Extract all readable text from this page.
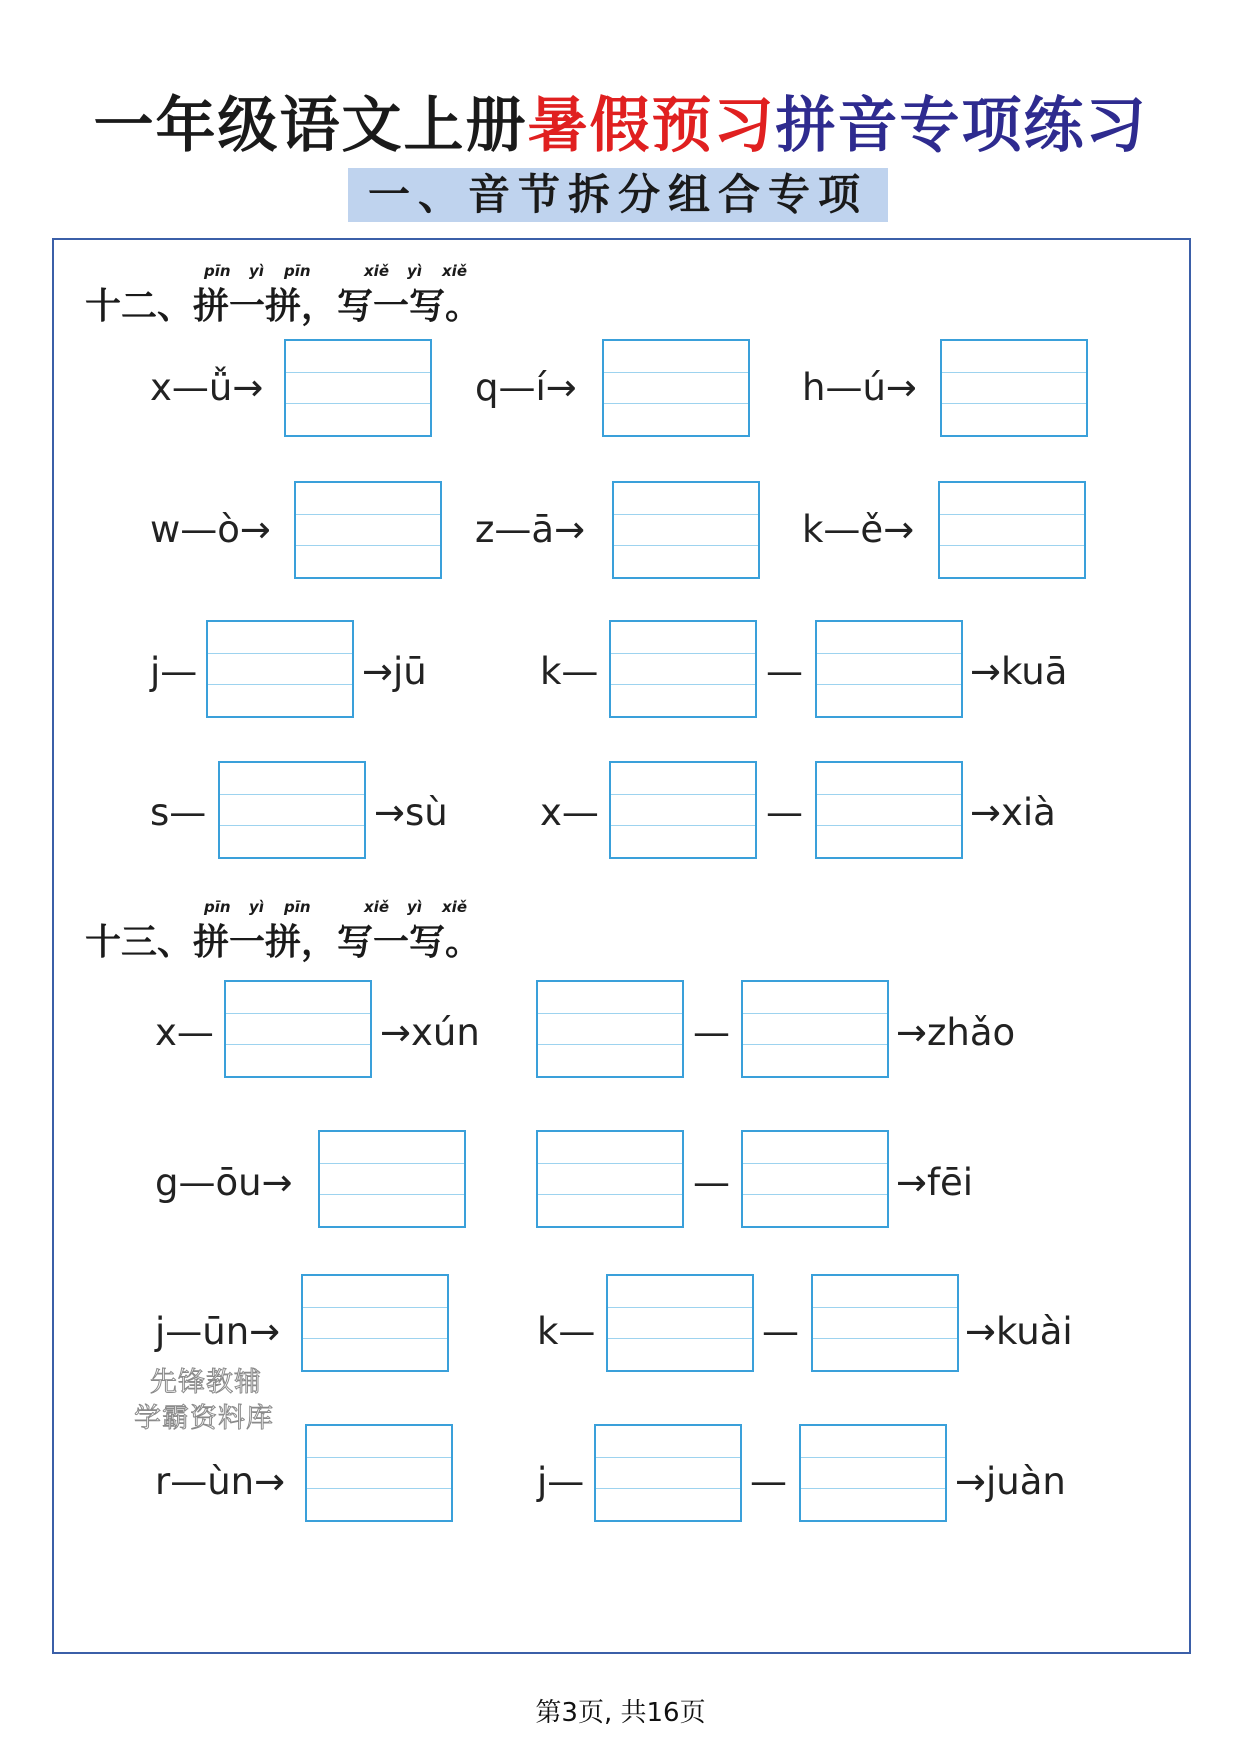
一年级语文上册暑假预习拼音专项练习
一、音节拆分组合专项
pīn yì pīn	xiě yì xiě
十二、拼一拼，写一写。
x—ǚ→	q—í→	h—ú→
w—ò→	z—ā→	k—ě→
j—	→jū	k—	—	→kuā
s—	→sù x—	—	→xià
pīn yì pīn	xiě yì xiě
十三、拼一拼，写一写。
x—	→xún	—	→zhǎo
g—ōu→	—	→fēi
j—ūn→	k—	—	→kuài
r—ùn→	j—	—	→juàn
先锋教辅
学霸资料库
第3页, 共16页
